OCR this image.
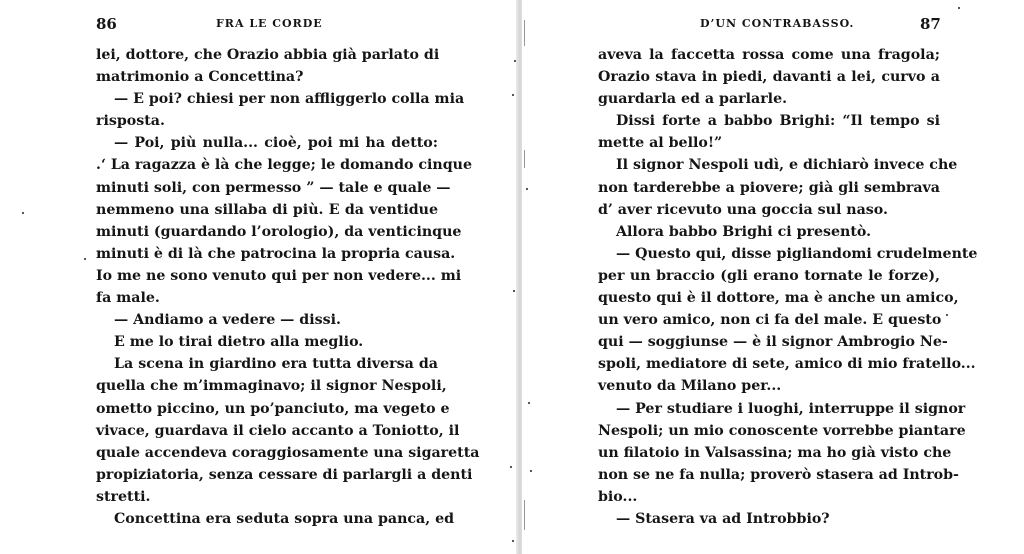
86	FRA LE CORDE
lei, dottore, che Orazio abbia già parlato di
matrimonio a Concettina?
— E poi? chiesi per non affliggerlo colla mia
risposta.
— Poi, più nulla... cioè, poi mi ha detto:
.‘ La ragazza è là che legge; le domando cinque
minuti soli, con permesso ” — tale e quale —
nemmeno una sillaba di più. E da ventidue
minuti (guardando l’orologio), da venticinque
minuti è di là che patrocina la propria causa.
Io me ne sono venuto qui per non vedere... mi
fa male.
— Andiamo a vedere — dissi.
E me lo tirai dietro alla meglio.
La scena in giardino era tutta diversa da
quella che m’immaginavo; il signor Nespoli,
ometto piccino, un po’panciuto, ma vegeto e
vivace, guardava il cielo accanto a Toniotto, il
quale accendeva coraggiosamente una sigaretta
propiziatoria, senza cessare di parlargli a denti
stretti.
Concettina era seduta sopra una panca, ed
D’UN CONTRABASSO.	87
aveva la faccetta rossa come una fragola;
Orazio stava in piedi, davanti a lei, curvo a
guardarla ed a parlarle.
Dissi forte a babbo Brighi: “Il tempo si
mette al bello!”
Il signor Nespoli udì, e dichiarò invece che
non tarderebbe a piovere; già gli sembrava
d’ aver ricevuto una goccia sul naso.
Allora babbo Brighi ci presentò.
— Questo qui, disse pigliandomi crudelmente
per un braccio (gli erano tornate le forze),
questo qui è il dottore, ma è anche un amico,
un vero amico, non ci fa del male. E questo
qui — soggiunse — è il signor Ambrogio Ne-
spoli, mediatore di sete, amico di mio fratello...
venuto da Milano per...
— Per studiare i luoghi, interruppe il signor
Nespoli; un mio conoscente vorrebbe piantare
un filatoio in Valsassina; ma ho già visto che
non se ne fa nulla; proverò stasera ad Introb-
bio...
— Stasera va ad Introbbio?
